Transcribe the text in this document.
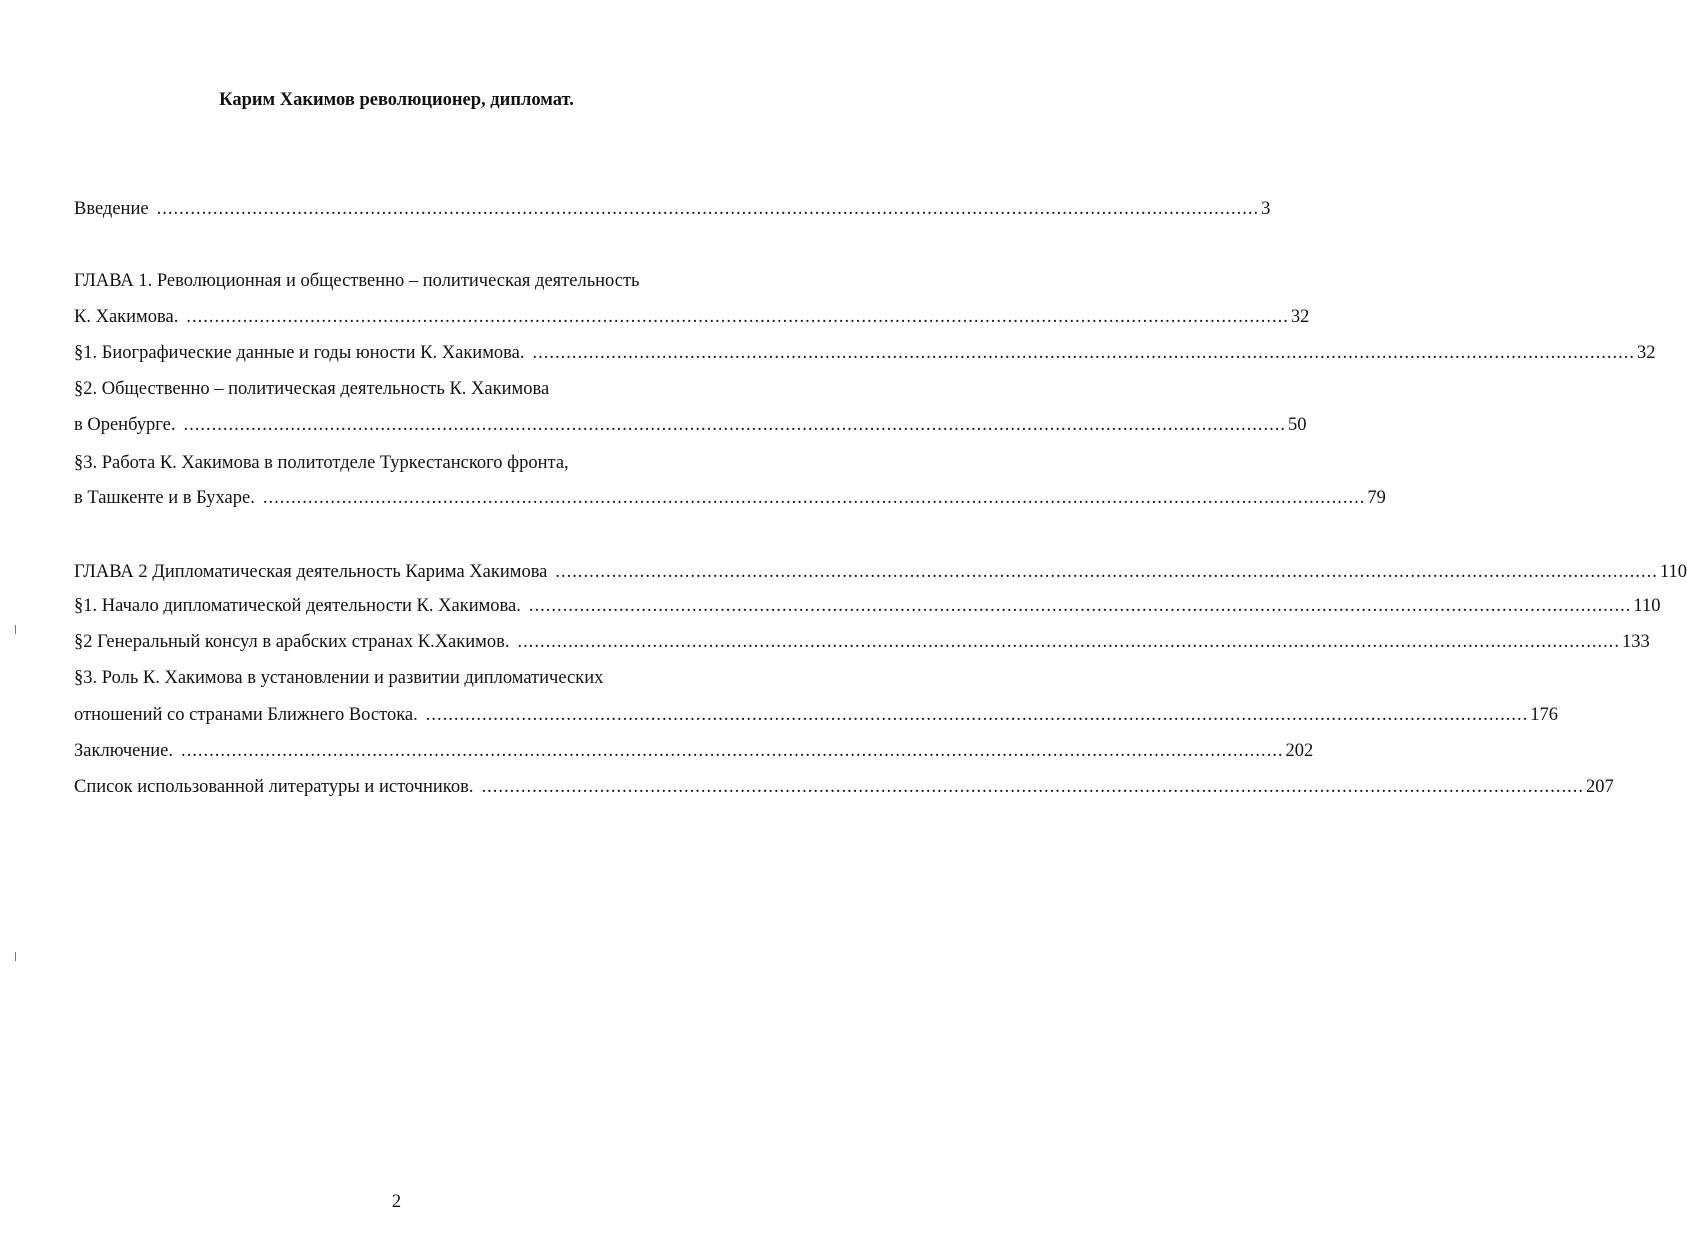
Карим Хакимов революционер, дипломат.
Введение .................................................................................................................................................................................................... 3
ГЛАВА 1. Революционная и общественно – политическая деятельность
К. Хакимова. .................................................................................................................................................................................................... 32
§1. Биографические данные и годы юности К. Хакимова. .................................................................................................................................................................................................... 32
§2. Общественно – политическая деятельность К. Хакимова
в Оренбурге. .................................................................................................................................................................................................... 50
§3. Работа К. Хакимова в политотделе Туркестанского фронта,
в Ташкенте и в Бухаре. .................................................................................................................................................................................................... 79
ГЛАВА 2 Дипломатическая деятельность Карима Хакимова .................................................................................................................................................................................................... 110
§1. Начало дипломатической деятельности К. Хакимова. .................................................................................................................................................................................................... 110
§2 Генеральный консул в арабских странах К.Хакимов. .................................................................................................................................................................................................... 133
§3. Роль К. Хакимова в установлении и развитии дипломатических
отношений со странами Ближнего Востока. .................................................................................................................................................................................................... 176
Заключение. .................................................................................................................................................................................................... 202
Список использованной литературы и источников. .................................................................................................................................................................................................... 207
2
